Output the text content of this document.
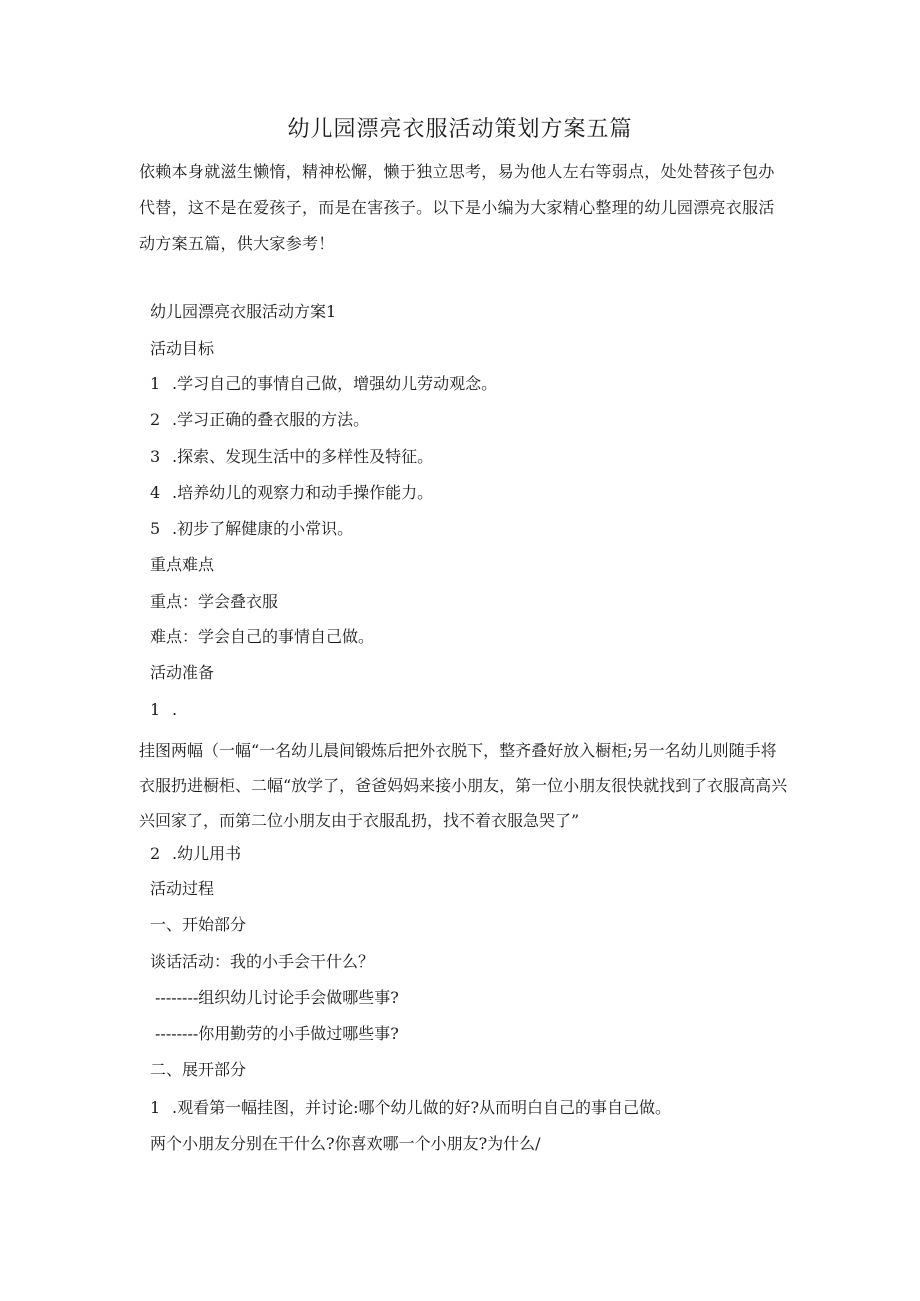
幼儿园漂亮衣服活动策划方案五篇
依赖本身就滋生懒惰，精神松懈，懒于独立思考，易为他人左右等弱点，处处替孩子包办代替，这不是在爱孩子，而是在害孩子。以下是小编为大家精心整理的幼儿园漂亮衣服活动方案五篇，供大家参考！
幼儿园漂亮衣服活动方案1
活动目标
1 .学习自己的事情自己做，增强幼儿劳动观念。
2 .学习正确的叠衣服的方法。
3 .探索、发现生活中的多样性及特征。
4 .培养幼儿的观察力和动手操作能力。
5 .初步了解健康的小常识。
重点难点
重点：学会叠衣服
难点：学会自己的事情自己做。
活动准备
1 .
挂图两幅（一幅“一名幼儿晨间锻炼后把外衣脱下，整齐叠好放入橱柜;另一名幼儿则随手将衣服扔进橱柜、二幅“放学了，爸爸妈妈来接小朋友，第一位小朋友很快就找到了衣服高高兴兴回家了，而第二位小朋友由于衣服乱扔，找不着衣服急哭了”
2 .幼儿用书
活动过程
一、开始部分
谈话活动：我的小手会干什么？
--------组织幼儿讨论手会做哪些事?
--------你用勤劳的小手做过哪些事?
二、展开部分
1 .观看第一幅挂图，并讨论:哪个幼儿做的好?从而明白自己的事自己做。
两个小朋友分别在干什么?你喜欢哪一个小朋友?为什么/
